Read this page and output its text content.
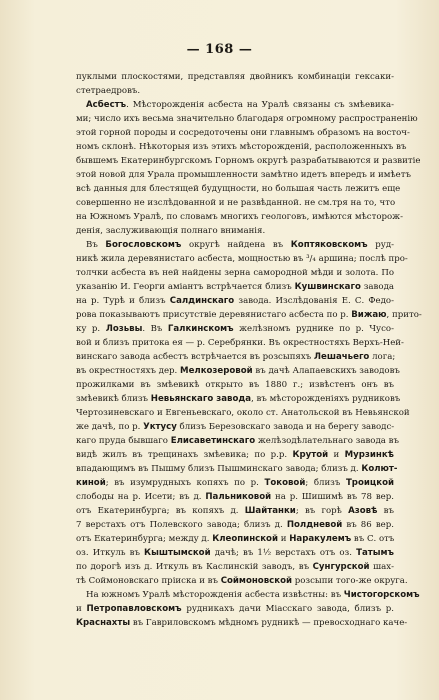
— 168 —
пуклыми плоскостями, представляя двойникъ комбинаціи гексаки-
стетраедровъ.
Асбестъ. Мѣсторожденія асбеста на Уралѣ связаны съ змѣевика-
ми; число ихъ весьма значительно благодаря огромному распространенію
этой горной породы и сосредоточены они главнымъ образомъ на восточ-
номъ склонѣ. Нѣкоторыя изъ этихъ мѣсторожденій, расположенныхъ въ
бывшемъ Екатеринбургскомъ Горномъ округѣ разрабатываются и развитіе
этой новой для Урала промышленности замѣтно идетъ впередъ и имѣетъ
всѣ данныя для блестящей будущности, но большая часть лежитъ еще
совершенно не изслѣдованной и не развѣданной. не см.тря на то, что
на Южномъ Уралѣ, по словамъ многихъ геологовъ, имѣются мѣсторож-
денія, заслуживающія полнаго вниманія.
Въ Богословскомъ округѣ найдена въ Коптяковскомъ руд-
никѣ жила деревянистаго асбеста, мощностью въ ³/₄ аршина; послѣ про-
толчки асбеста въ ней найдены зерна самородной мѣди и золота. По
указанію И. Георги аміантъ встрѣчается близъ Кушвинскаго завода
на р. Турѣ и близъ Салдинскаго завода. Изслѣдованія Е. С. Федо-
рова показываютъ присутствіе деревянистаго асбеста по р. Вижаю, прито-
ку р. Лозьвы. Въ Галкинскомъ желѣзномъ руднике по р. Чусо-
вой и близъ притока ея — р. Серебрянки. Въ окрестностяхъ Верхъ-Ней-
винскаго завода асбестъ встрѣчается въ розсыпяхъ Лешачьего лога;
въ окрестностяхъ дер. Мелкозеровой въ дачѣ Алапаевскихъ заводовъ
прожилками въ змѣевикѣ открыто въ 1880 г.; извѣстенъ онъ въ
змѣевикѣ близъ Невьянскаго завода, въ мѣсторожденіяхъ рудниковъ
Чертозиневскаго и Евгеньевскаго, около ст. Анатольской въ Невьянской
же дачѣ, по р. Уктусу близъ Березовскаго завода и на берегу заводс-
каго пруда бывшаго Елисаветинскаго желѣзодѣлательнаго завода въ
видѣ жилъ въ трещинахъ змѣевика; по р.р. Крутой и Мурзинкѣ
впадающимъ въ Пышму близъ Пышминскаго завода; близъ д. Колют-
киной; въ изумрудныхъ копяхъ по р. Токовой; близъ Троицкой
слободы на р. Исети; въ д. Пальниковой на р. Шишимѣ въ 78 вер.
отъ Екатеринбурга; въ копяхъ д. Шайтанки; въ горѣ Азовѣ въ
7 верстахъ отъ Полевского завода; близъ д. Полдневой въ 86 вер.
отъ Екатеринбурга; между д. Клеопинской и Наракулемъ въ С. отъ
оз. Иткуль въ Кыштымской дачѣ; въ 1½ верстахъ отъ оз. Татымъ
по дорогѣ изъ д. Иткуль въ Каслинскій заводъ, въ Сунгурской шах-
тѣ Соймоновскаго пріиска и въ Соймоновской розсыпи того-же округа.
На южномъ Уралѣ мѣсторожденія асбеста извѣстны: въ Чистогорскомъ
и Петропавловскомъ рудникахъ дачи Міасскаго завода, близъ р.
Краснахты въ Гавриловскомъ мѣдномъ рудникѣ — превосходнаго каче-
